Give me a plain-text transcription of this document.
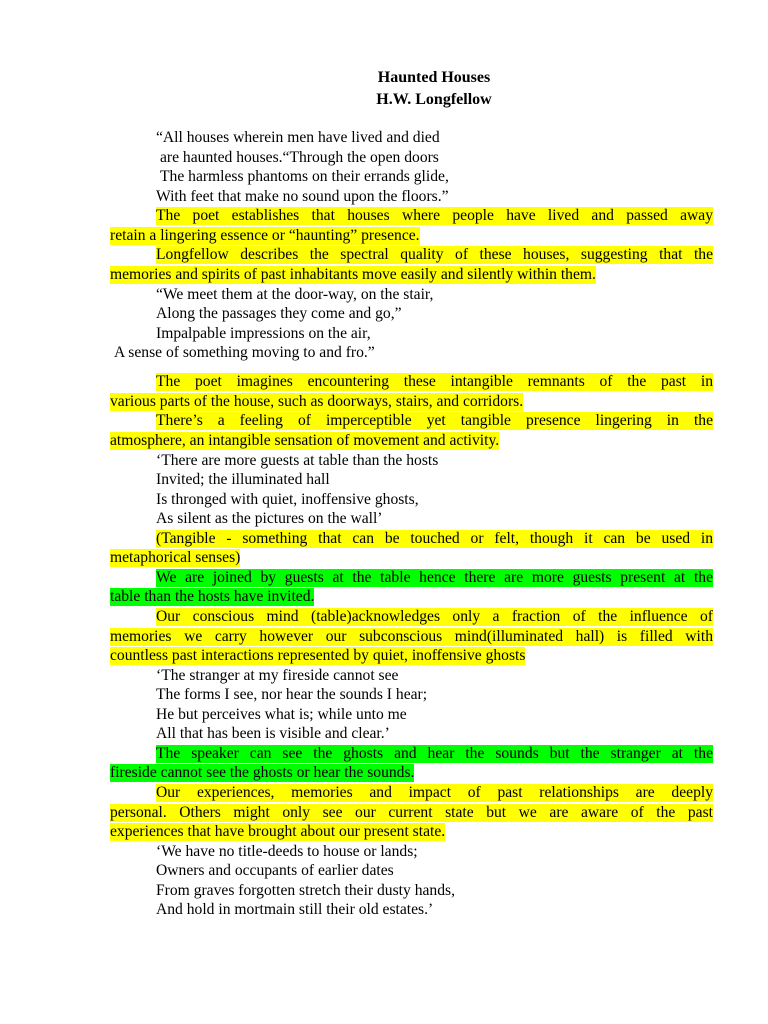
Haunted Houses
H.W. Longfellow
“All houses wherein men have lived and died
are haunted houses.“Through the open doors
The harmless phantoms on their errands glide,
With feet that make no sound upon the floors.”
The poet establishes that houses where people have lived and passed away
retain a lingering essence or “haunting” presence.
Longfellow describes the spectral quality of these houses, suggesting that the
memories and spirits of past inhabitants move easily and silently within them.
“We meet them at the door-way, on the stair,
Along the passages they come and go,”
Impalpable impressions on the air,
A sense of something moving to and fro.”
The poet imagines encountering these intangible remnants of the past in
various parts of the house, such as doorways, stairs, and corridors.
There’s a feeling of imperceptible yet tangible presence lingering in the
atmosphere, an intangible sensation of movement and activity.
‘There are more guests at table than the hosts
Invited; the illuminated hall
Is thronged with quiet, inoffensive ghosts,
As silent as the pictures on the wall’
(Tangible - something that can be touched or felt, though it can be used in
metaphorical senses)
We are joined by guests at the table hence there are more guests present at the
table than the hosts have invited.
Our conscious mind (table)acknowledges only a fraction of the influence of
memories we carry however our subconscious mind(illuminated hall) is filled with
countless past interactions represented by quiet, inoffensive ghosts
‘The stranger at my fireside cannot see
The forms I see, nor hear the sounds I hear;
He but perceives what is; while unto me
All that has been is visible and clear.’
The speaker can see the ghosts and hear the sounds but the stranger at the
fireside cannot see the ghosts or hear the sounds.
Our experiences, memories and impact of past relationships are deeply
personal. Others might only see our current state but we are aware of the past
experiences that have brought about our present state.
‘We have no title-deeds to house or lands;
Owners and occupants of earlier dates
From graves forgotten stretch their dusty hands,
And hold in mortmain still their old estates.’
